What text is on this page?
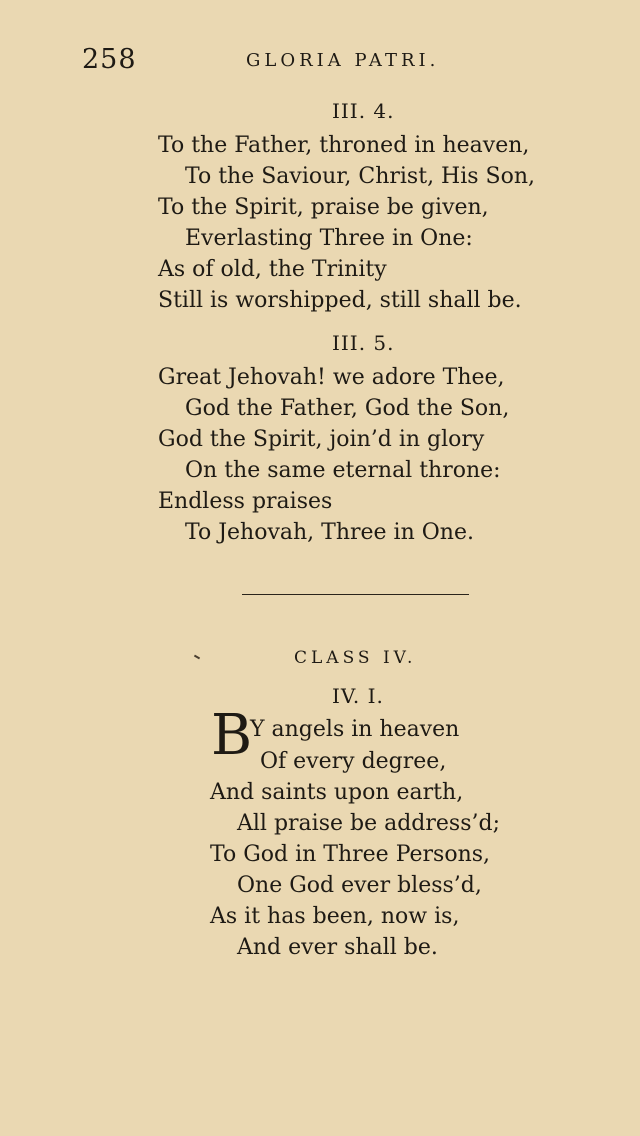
258	GLORIA PATRI.
III. 4.
To the Father, throned in heaven,
To the Saviour, Christ, His Son,
To the Spirit, praise be given,
Everlasting Three in One:
As of old, the Trinity
Still is worshipped, still shall be.
III. 5.
Great Jehovah! we adore Thee,
God the Father, God the Son,
God the Spirit, join’d in glory
On the same eternal throne:
Endless praises
To Jehovah, Three in One.
CLASS IV.
IV. I.
B
Y angels in heaven
Of every degree,
And saints upon earth,
All praise be address’d;
To God in Three Persons,
One God ever bless’d,
As it has been, now is,
And ever shall be.
